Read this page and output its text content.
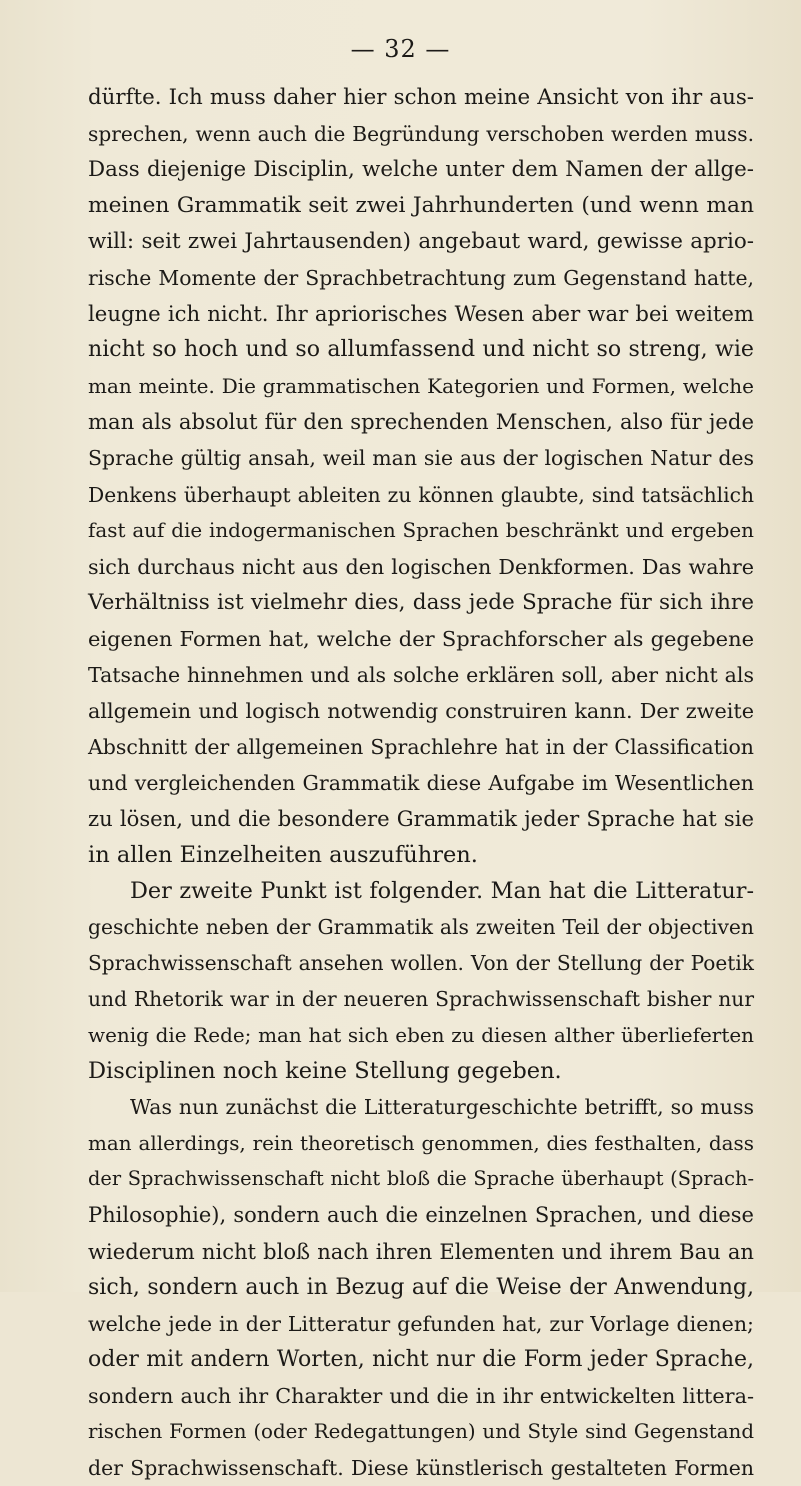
— 32 —
dürfte. Ich muss daher hier schon meine Ansicht von ihr aus-
sprechen, wenn auch die Begründung verschoben werden muss.
Dass diejenige Disciplin, welche unter dem Namen der allge-
meinen Grammatik seit zwei Jahrhunderten (und wenn man
will: seit zwei Jahrtausenden) angebaut ward, gewisse aprio-
rische Momente der Sprachbetrachtung zum Gegenstand hatte,
leugne ich nicht. Ihr apriorisches Wesen aber war bei weitem
nicht so hoch und so allumfassend und nicht so streng, wie
man meinte. Die grammatischen Kategorien und Formen, welche
man als absolut für den sprechenden Menschen, also für jede
Sprache gültig ansah, weil man sie aus der logischen Natur des
Denkens überhaupt ableiten zu können glaubte, sind tatsächlich
fast auf die indogermanischen Sprachen beschränkt und ergeben
sich durchaus nicht aus den logischen Denkformen. Das wahre
Verhältniss ist vielmehr dies, dass jede Sprache für sich ihre
eigenen Formen hat, welche der Sprachforscher als gegebene
Tatsache hinnehmen und als solche erklären soll, aber nicht als
allgemein und logisch notwendig construiren kann. Der zweite
Abschnitt der allgemeinen Sprachlehre hat in der Classification
und vergleichenden Grammatik diese Aufgabe im Wesentlichen
zu lösen, und die besondere Grammatik jeder Sprache hat sie
in allen Einzelheiten auszuführen.
Der zweite Punkt ist folgender. Man hat die Litteratur-
geschichte neben der Grammatik als zweiten Teil der objectiven
Sprachwissenschaft ansehen wollen. Von der Stellung der Poetik
und Rhetorik war in der neueren Sprachwissenschaft bisher nur
wenig die Rede; man hat sich eben zu diesen alther überlieferten
Disciplinen noch keine Stellung gegeben.
Was nun zunächst die Litteraturgeschichte betrifft, so muss
man allerdings, rein theoretisch genommen, dies festhalten, dass
der Sprachwissenschaft nicht bloß die Sprache überhaupt (Sprach-
Philosophie), sondern auch die einzelnen Sprachen, und diese
wiederum nicht bloß nach ihren Elementen und ihrem Bau an
sich, sondern auch in Bezug auf die Weise der Anwendung,
welche jede in der Litteratur gefunden hat, zur Vorlage dienen;
oder mit andern Worten, nicht nur die Form jeder Sprache,
sondern auch ihr Charakter und die in ihr entwickelten littera-
rischen Formen (oder Redegattungen) und Style sind Gegenstand
der Sprachwissenschaft. Diese künstlerisch gestalteten Formen
